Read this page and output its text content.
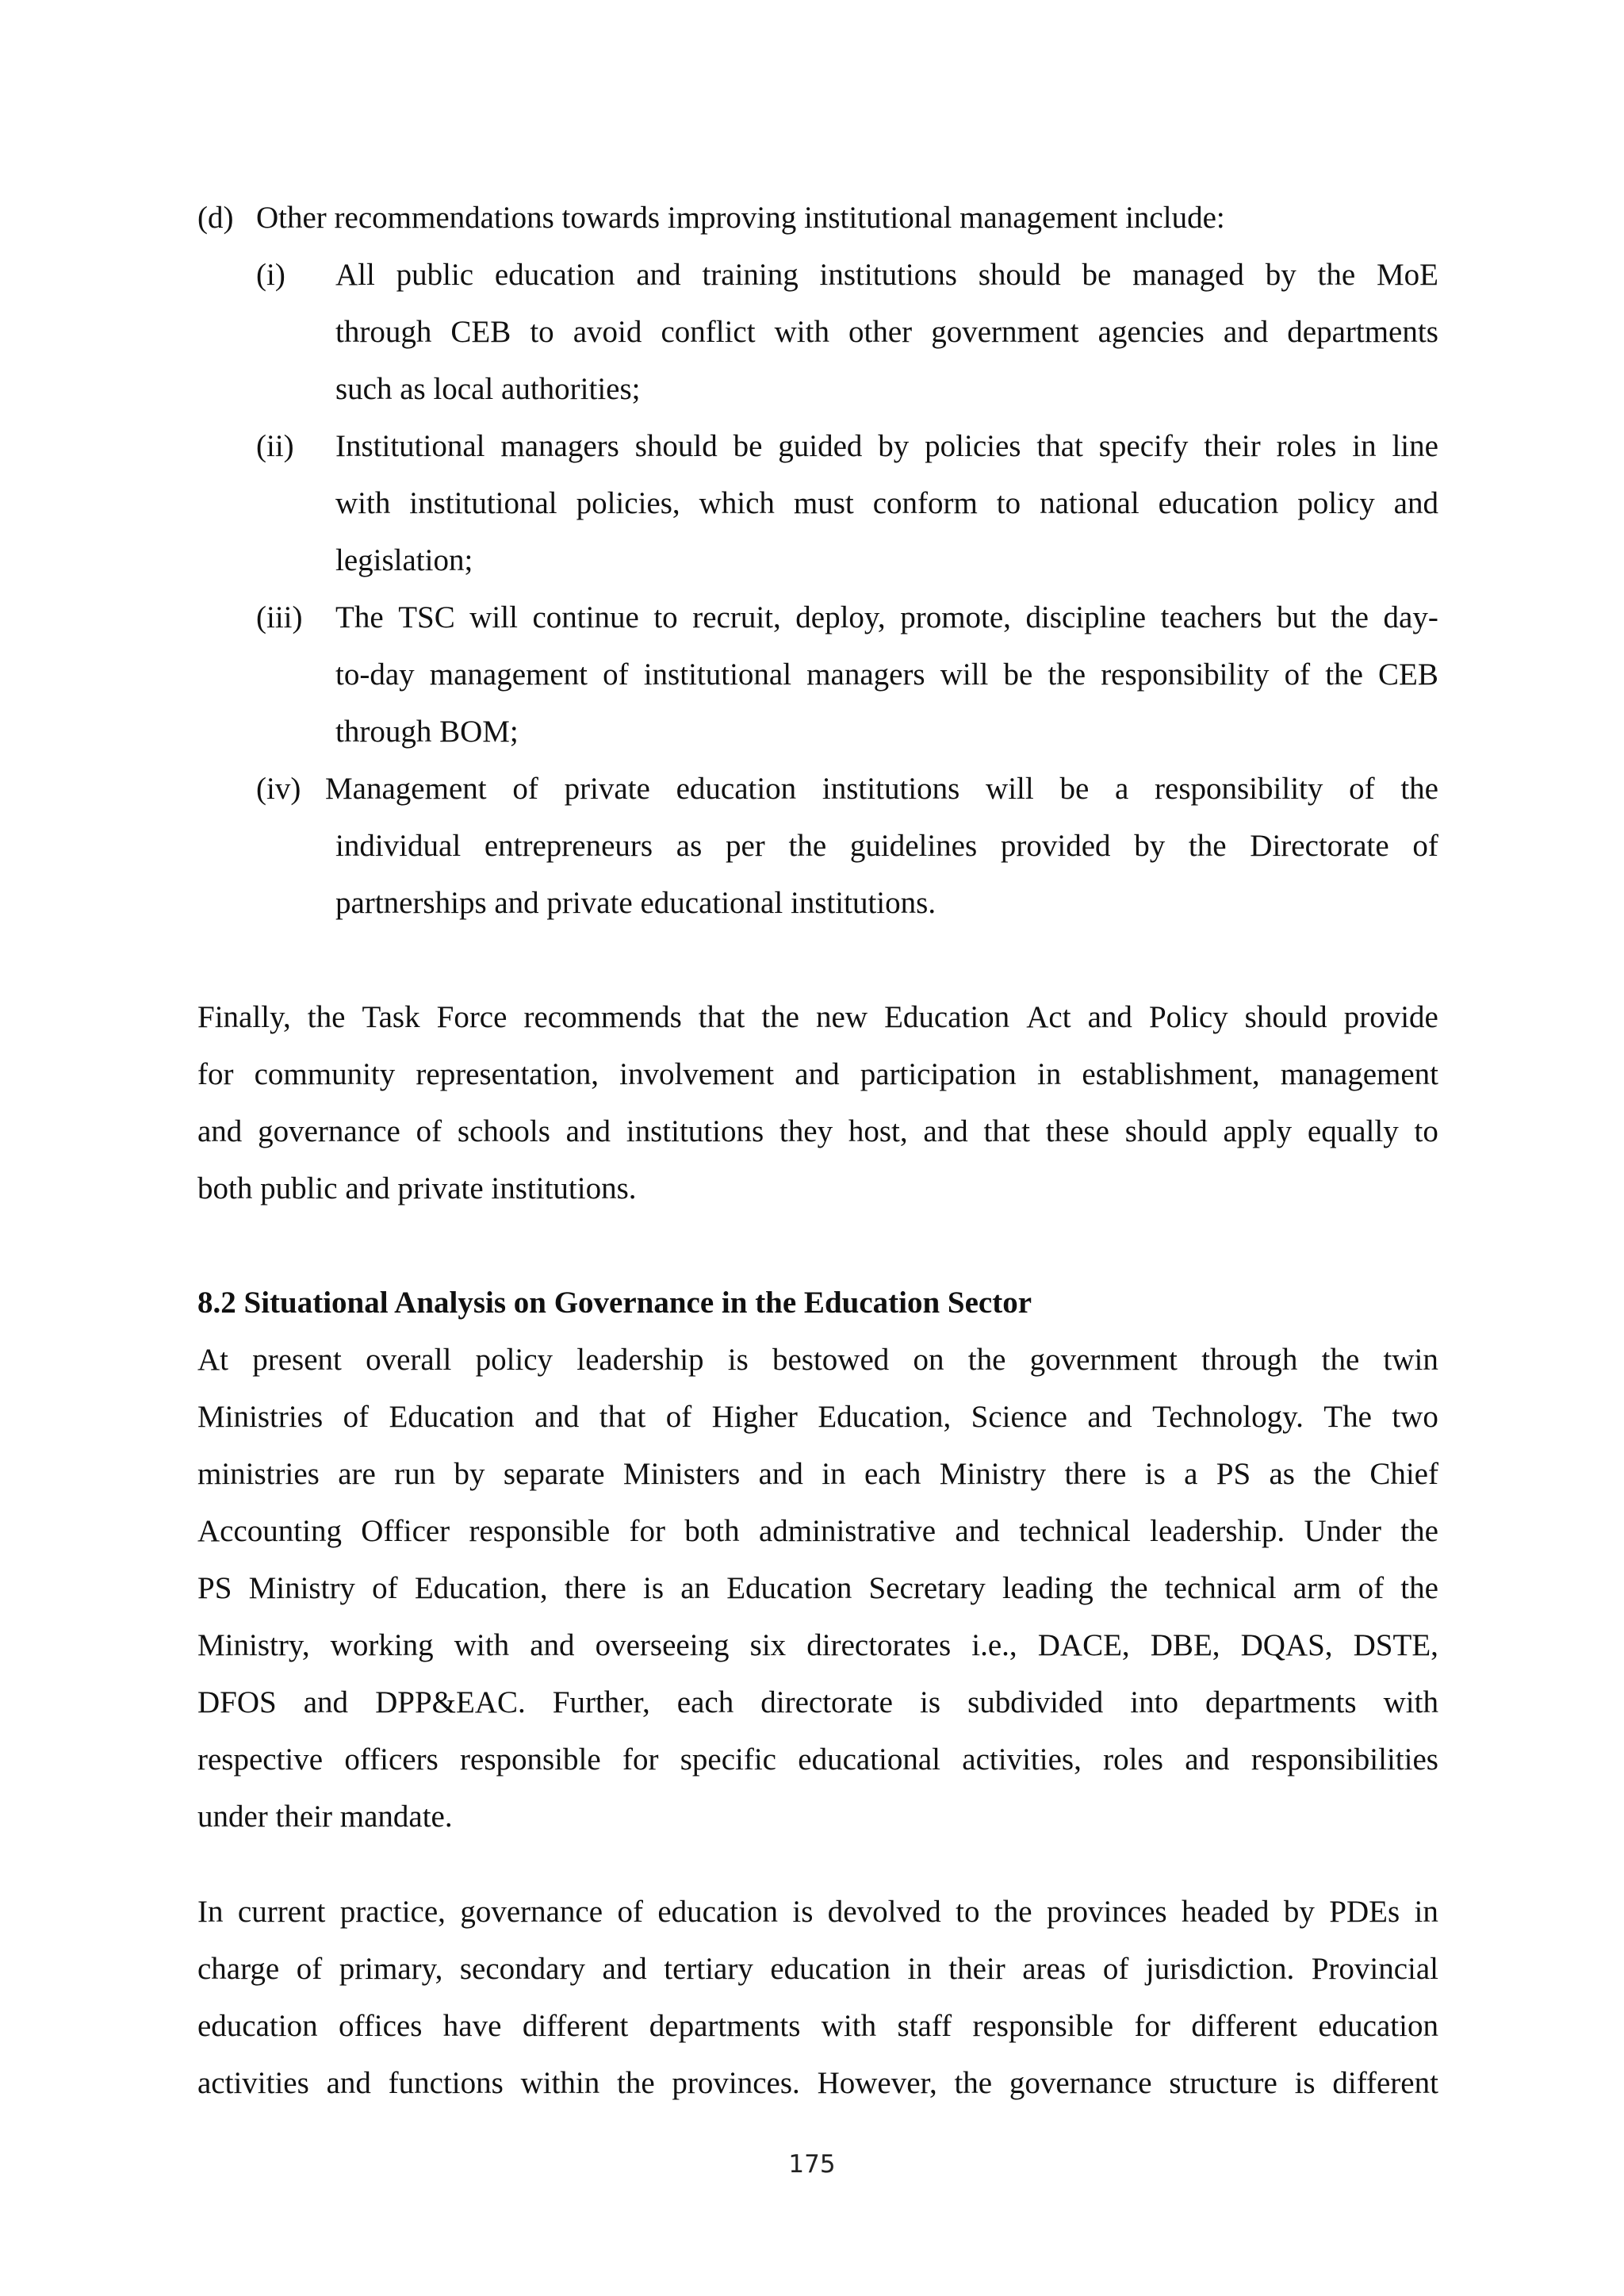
(d) Other recommendations towards improving institutional management include:
(i) All public education and training institutions should be managed by the MoE
through CEB to avoid conflict with other government agencies and departments
such as local authorities;
(ii) Institutional managers should be guided by policies that specify their roles in line
with institutional policies, which must conform to national education policy and
legislation;
(iii) The TSC will continue to recruit, deploy, promote, discipline teachers but the day-
to-day management of institutional managers will be the responsibility of the CEB
through BOM;
(iv) Management of private education institutions will be a responsibility of the
individual entrepreneurs as per the guidelines provided by the Directorate of
partnerships and private educational institutions.
Finally, the Task Force recommends that the new Education Act and Policy should provide
for community representation, involvement and participation in establishment, management
and governance of schools and institutions they host, and that these should apply equally to
both public and private institutions.
8.2 Situational Analysis on Governance in the Education Sector
At present overall policy leadership is bestowed on the government through the twin
Ministries of Education and that of Higher Education, Science and Technology. The two
ministries are run by separate Ministers and in each Ministry there is a PS as the Chief
Accounting Officer responsible for both administrative and technical leadership. Under the
PS Ministry of Education, there is an Education Secretary leading the technical arm of the
Ministry, working with and overseeing six directorates i.e., DACE, DBE, DQAS, DSTE,
DFOS and DPP&EAC. Further, each directorate is subdivided into departments with
respective officers responsible for specific educational activities, roles and responsibilities
under their mandate.
In current practice, governance of education is devolved to the provinces headed by PDEs in
charge of primary, secondary and tertiary education in their areas of jurisdiction. Provincial
education offices have different departments with staff responsible for different education
activities and functions within the provinces. However, the governance structure is different
175
